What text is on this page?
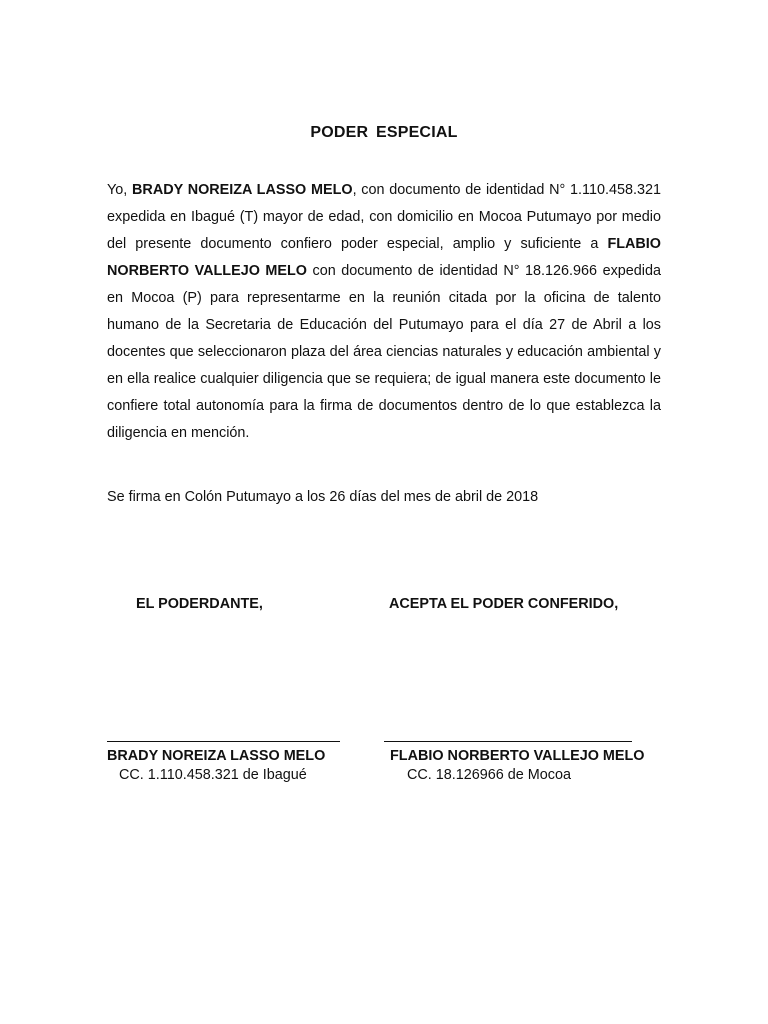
PODER ESPECIAL

Yo, BRADY NOREIZA LASSO MELO, con documento de identidad N° 1.110.458.321 expedida en Ibagué (T) mayor de edad, con domicilio en Mocoa Putumayo por medio del presente documento confiero poder especial, amplio y suficiente a FLABIO NORBERTO VALLEJO MELO con documento de identidad N° 18.126.966 expedida en Mocoa (P) para representarme en la reunión citada por la oficina de talento humano de la Secretaria de Educación del Putumayo para el día 27 de Abril a los docentes que seleccionaron plaza del área ciencias naturales y educación ambiental y en ella realice cualquier diligencia que se requiera; de igual manera este documento le confiere total autonomía para la firma de documentos dentro de lo que establezca la diligencia en mención.

Se firma en Colón Putumayo a los 26 días del mes de abril de 2018

EL PODERDANTE,	ACEPTA EL PODER CONFERIDO,
BRADY NOREIZA LASSO MELO	FLABIO NORBERTO VALLEJO MELO
CC. 1.110.458.321 de Ibagué	CC. 18.126966 de Mocoa
